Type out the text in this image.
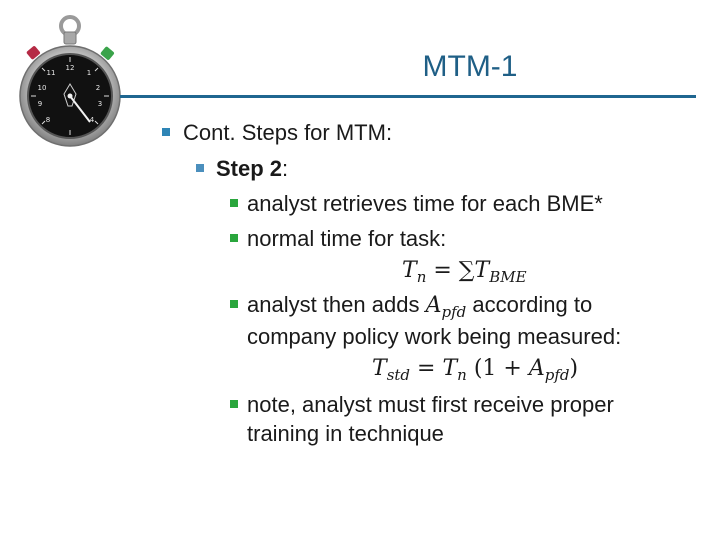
12
1
2
3
4
8
9
10
11	MTM-1
Cont. Steps for MTM:
Step 2:
analyst retrieves time for each BME*
normal time for task:
$T_n = \sum T_{BME}$
analyst then adds $A_{pfd}$ according to
company policy work being measured:
$T_{std} = T_n$ $(1 + A_{pfd})$
note, analyst must first receive proper
training in technique
